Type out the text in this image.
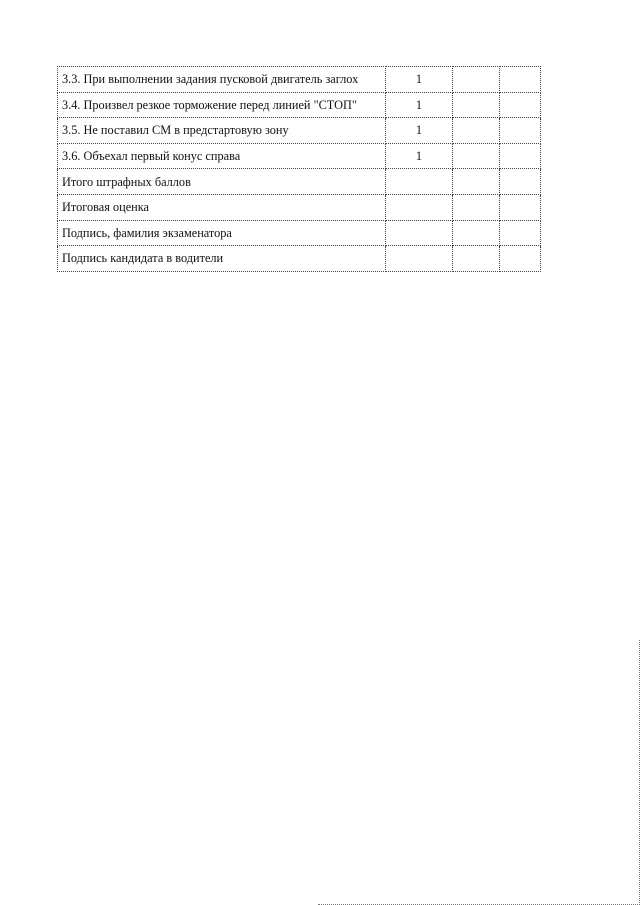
3.3. При выполнении задания пусковой двигатель заглох	1		
3.4. Произвел резкое торможение перед линией "СТОП"	1		
3.5. Не поставил СМ в предстартовую зону	1		
3.6. Объехал первый конус справа	1		
Итого штрафных баллов			
Итоговая оценка			
Подпись, фамилия экзаменатора			
Подпись кандидата в водители			
